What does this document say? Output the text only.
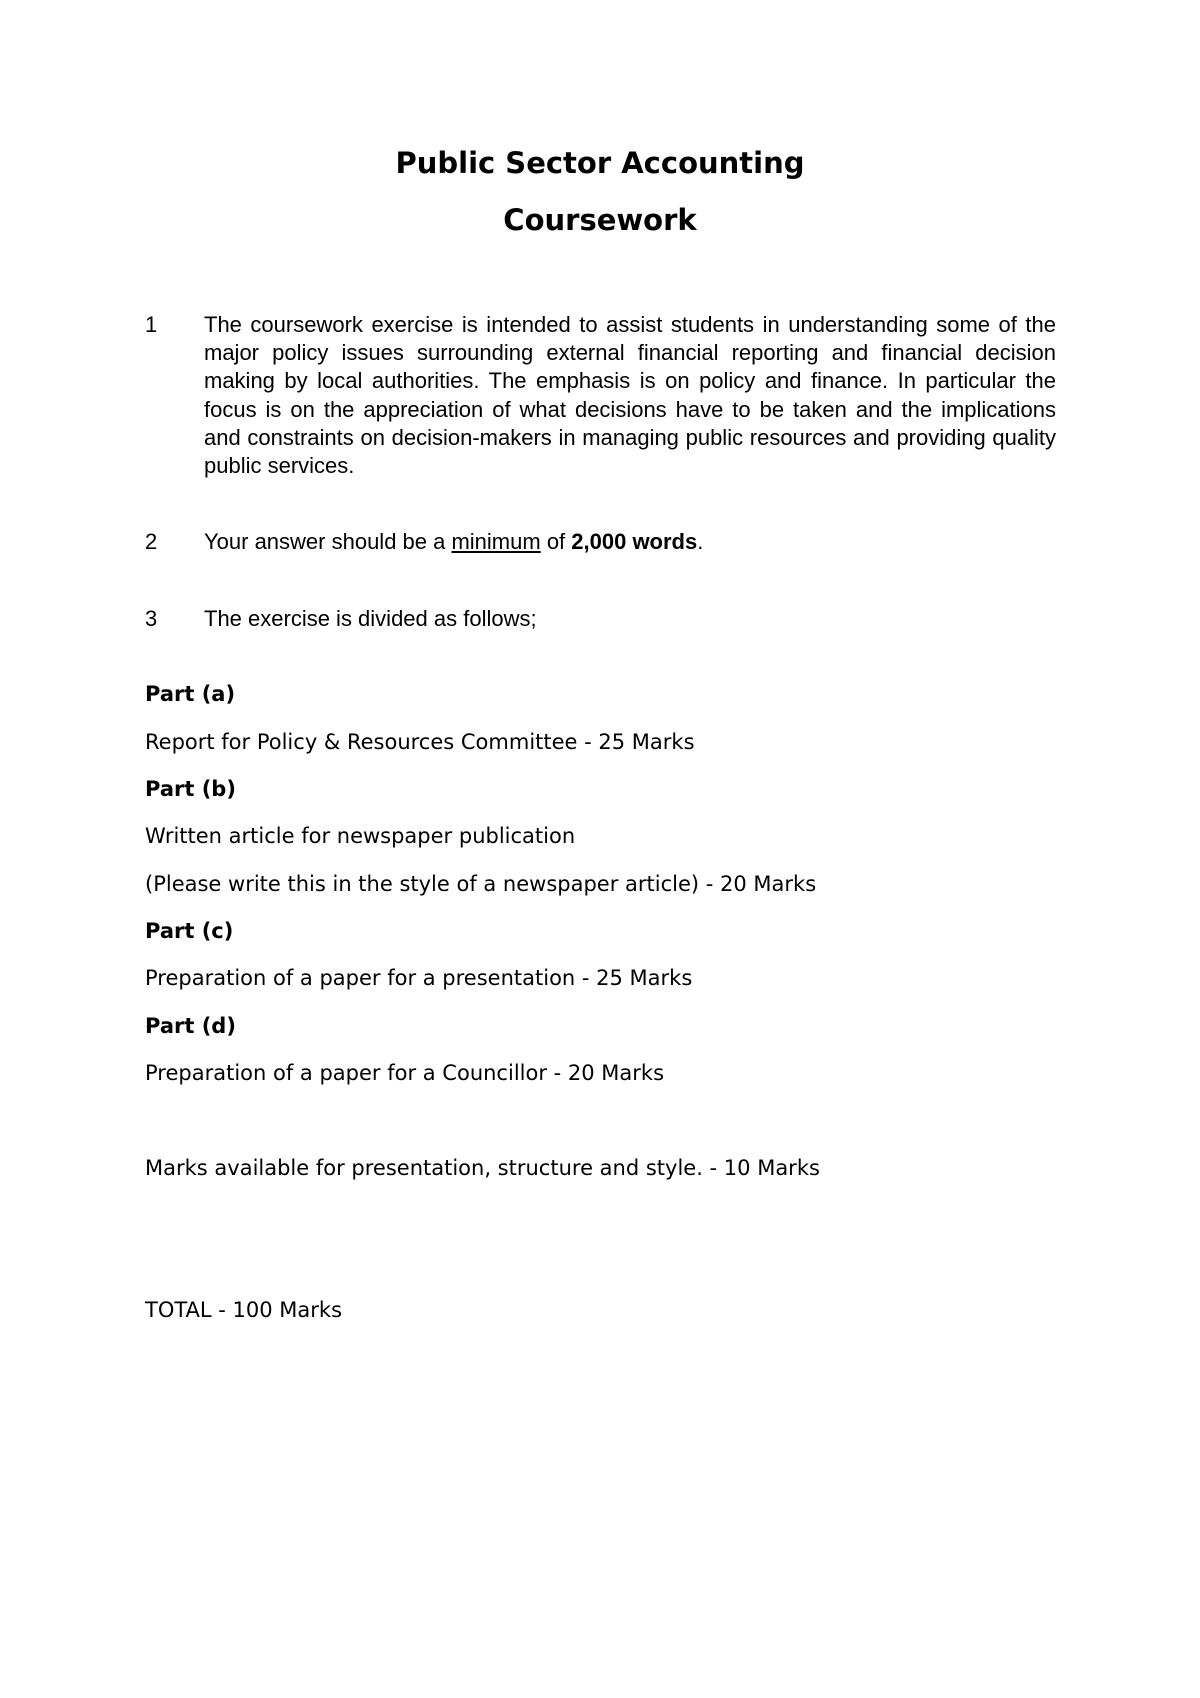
Public Sector Accounting
Coursework
1 The coursework exercise is intended to assist students in understanding some of the major policy issues surrounding external financial reporting and financial decision making by local authorities. The emphasis is on policy and finance. In particular the focus is on the appreciation of what decisions have to be taken and the implications and constraints on decision-makers in managing public resources and providing quality public services.
2 Your answer should be a minimum of 2,000 words.
3 The exercise is divided as follows;
Part (a)
Report for Policy & Resources Committee - 25 Marks
Part (b)
Written article for newspaper publication
(Please write this in the style of a newspaper article) - 20 Marks
Part (c)
Preparation of a paper for a presentation - 25 Marks
Part (d)
Preparation of a paper for a Councillor - 20 Marks
Marks available for presentation, structure and style. - 10 Marks
TOTAL - 100 Marks
